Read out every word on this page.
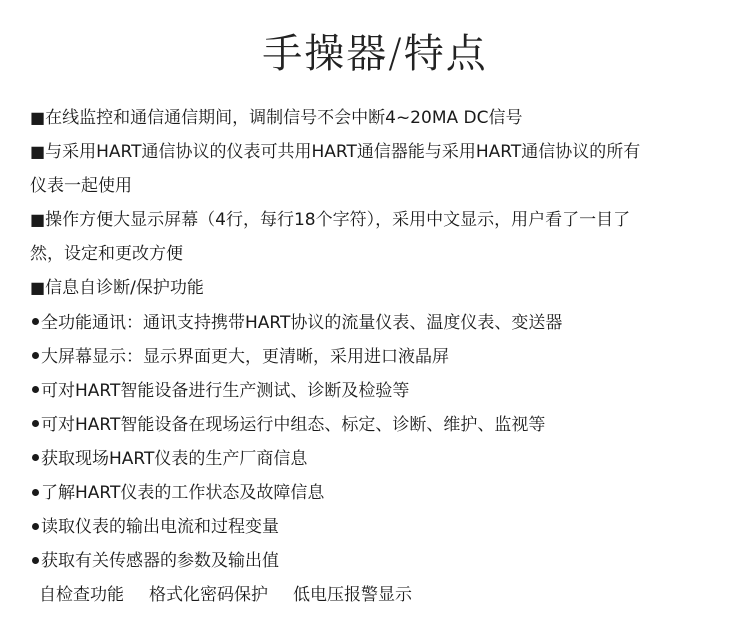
手操器/特点
■在线监控和通信通信期间，调制信号不会中断4~20MA DC信号
■与采用HART通信协议的仪表可共用HART通信器能与采用HART通信协议的所有
仪表一起使用
■操作方便大显示屏幕（4行，每行18个字符），采用中文显示，用户看了一目了
然，设定和更改方便
■信息自诊断/保护功能
全功能通讯：通讯支持携带HART协议的流量仪表、温度仪表、变送器
大屏幕显示：显示界面更大，更清晰，采用进口液晶屏
可对HART智能设备进行生产测试、诊断及检验等
可对HART智能设备在现场运行中组态、标定、诊断、维护、监视等
获取现场HART仪表的生产厂商信息
了解HART仪表的工作状态及故障信息
读取仪表的输出电流和过程变量
获取有关传感器的参数及输出值
自检查功能 格式化密码保护 低电压报警显示
